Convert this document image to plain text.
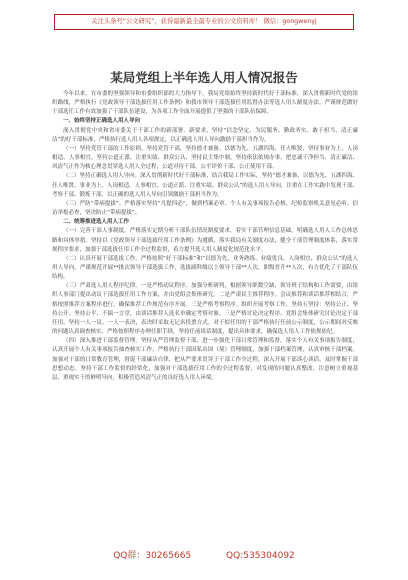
关注头条号“公文研究”，获得最新最全最专业的公文资料库！ 微信：gongwenyj
某局党组上半年选人用人情况报告

今年以来，在市委的坚强领导和市委组织部的大力指导下，我局党组始终坚持新时代好干部标准，深入贯彻新时代党的组织路线，严格执行《党政领导干部选拔任用工作条例》和我市领导干部选拔任用监督办法等选人用人制度办法，严谨规范做好干部选任工作有效加强了干部队伍建设，为各项工作全面开展提供了坚强的干部队伍保障。

一、始终坚持正确选人用人导向

深入贯彻党中央和省市委关于干部工作的新部署、新要求，坚持“信念坚定、为民服务、勤政务实、敢于担当、清正廉洁”的好干部标准，严格执行选人用人各项规定，以正确选人用人导向激励干部担当作为。

（一）坚持党管干部的工作原则。坚持党管干部，坚持德才兼备、以德为先、五湖四海、任人唯贤，坚持事业为上、人岗相适、人事相宜，坚持公道正派、注重实绩、群众公认，坚持民主集中制，坚持依法依规办事，把忠诚干净担当、清正廉洁、风清气正作为核心理念贯穿选人用人全过程，公道对待干部、公平评价干部、公正使用干部。

（二）坚持正确选人用人导向。深入贯彻新时代好干部标准，结合我局工作实际，坚持“德才兼备、以德为先、五湖四海、任人唯贤、事业为上、人岗相适、人事相宜、公道正派、注重实绩、群众公认”的选人用人导向，注重在工作实践中发现干部、考察干部、锻炼干部，以正确的选人用人导向引领激励干部担当作为。

（三）严防“带病提拔”。严格落实坚持“凡提四必”，做到档案必审、个人有关事项报告必核、纪检监察机关意见必听、信访举报必查，坚决防止“带病提拔”。

二、统筹推进选人用人工作

（一）完善干部人事制度。严格落实定期分析干部队伍情况制度要求，着实干部管理信息基础，明确选人用人工作总体思路和具体举措。坚持以《党政领导干部选拔任用工作条例》为遵循，落实我局有关制度办法，健全干部管理制度体系，落实常规程序要求，加强干部选拔任用工作全过程监督，着力提升选人用人制度化规范化水平。

（二）认真开展干部选拔工作。严格按照“好干部标准”和“以德为先、业务熟练、业绩优良、人岗相宜、群众公认”的选人用人导向，严谨规范开展**批次领导干部选拔工作，选拔副科级以上领导干部**人次，职级晋升**人次，有力优化了干部队伍结构。

（三）严肃选人用人程序纪律。一是严格动议程序。加强分析研判，根据领导职数空缺、领导班子结构和工作需要，由组织人事部门提出动议干部选拔任用工作方案，并由党组会集体研究。二是严肃民主推荐程序。会议推荐和谈话推荐相结合，严格按照推荐方案程序进行，确保推荐工作规范有序开展。三是严格考察程序。组织开展考察工作，坚持五坚持：坚持公正、坚持公开、坚持公平、不搞一言堂，由谈话推荐人选名单确定考察对象，三是严格讨论决定程序。党组会集体研究讨论决定干部任用，坚持一人一议、一人一表决，表决时采取无记名投票方式。对于拟任用的干部严格执行任前公示制度，公示期间对反映的问题认真调查核实，严格按照程序办理任职手续，坚持任前谈话制度，提出具体要求，确保选人用人工作依规依纪。

（四）深入推进干部监督管理。坚持从严管理监督干部，进一步强化干部日常管理和监督，落实个人有关事项报告制度，认真开展个人有关事项报告抽查核实工作，严格执行干部因私出国（境）管理制度，加强干部档案管理，认真审核干部档案。加强对干部的日常教育管理，督促干部廉洁自律，把从严要求贯穿于干部工作全过程。深入开展干部谈心谈话，及时掌握干部思想动态。坚持干部工作监督的经常化，加强对干部选拔任用工作的全过程监督，对发现的问题认真整改。注意树立重视基层、重视实干的鲜明导向，积极营造风清气正的良好选人用人环境。

QQ群：30265665	QQ:535304092
